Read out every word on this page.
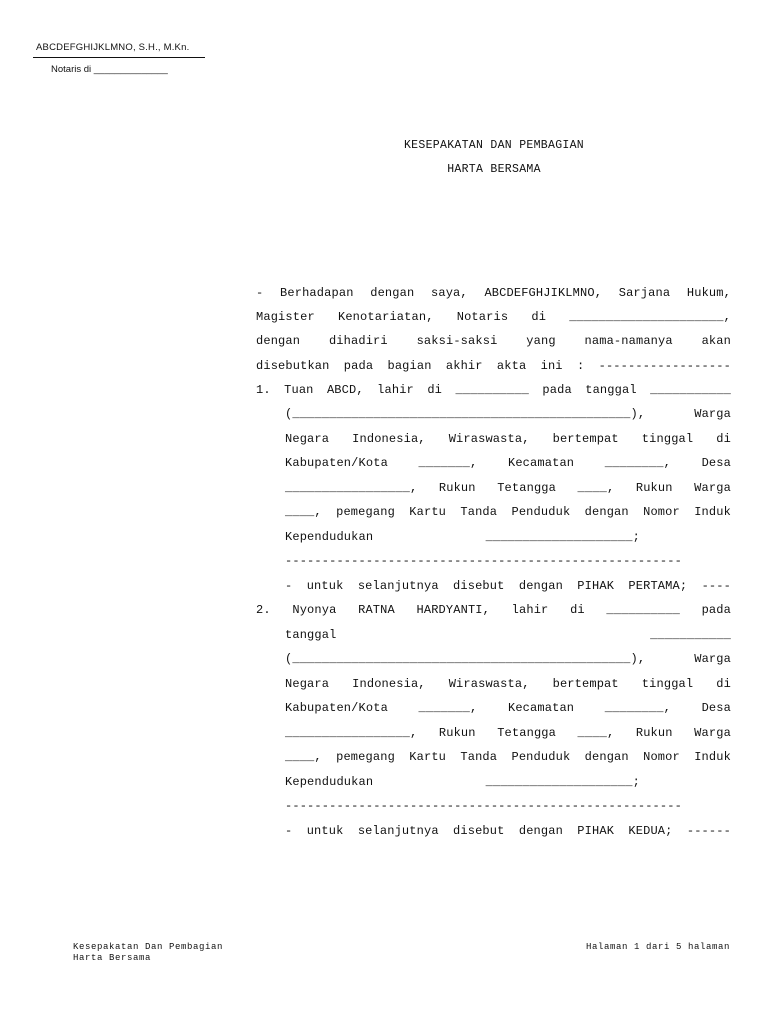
ABCDEFGHIJKLMNO, S.H., M.Kn.
Notaris di ______________
KESEPAKATAN DAN PEMBAGIAN
HARTA BERSAMA
- Berhadapan dengan saya, ABCDEFGHJIKLMNO, Sarjana Hukum,
Magister Kenotariatan, Notaris di _____________________,
dengan dihadiri saksi-saksi yang nama-namanya akan
disebutkan pada bagian akhir akta ini : ------------------
1. Tuan ABCD, lahir di __________ pada tanggal ___________
(______________________________________________),	Warga
Negara Indonesia, Wiraswasta, bertempat tinggal di
Kabupaten/Kota	_______,	Kecamatan	________,	Desa
_________________, Rukun Tetangga ____, Rukun Warga
____, pemegang Kartu Tanda Penduduk dengan Nomor Induk
Kependudukan	____________________;
------------------------------------------------------
- untuk selanjutnya disebut dengan PIHAK PERTAMA; ----
2. Nyonya RATNA HARDYANTI, lahir di __________ pada
tanggal	___________
(______________________________________________),	Warga
Negara Indonesia, Wiraswasta, bertempat tinggal di
Kabupaten/Kota	_______,	Kecamatan	________,	Desa
_________________, Rukun Tetangga ____, Rukun Warga
____, pemegang Kartu Tanda Penduduk dengan Nomor Induk
Kependudukan	____________________;
------------------------------------------------------
- untuk selanjutnya disebut dengan PIHAK KEDUA; ------
Kesepakatan Dan Pembagian
Harta Bersama
Halaman 1 dari 5 halaman
